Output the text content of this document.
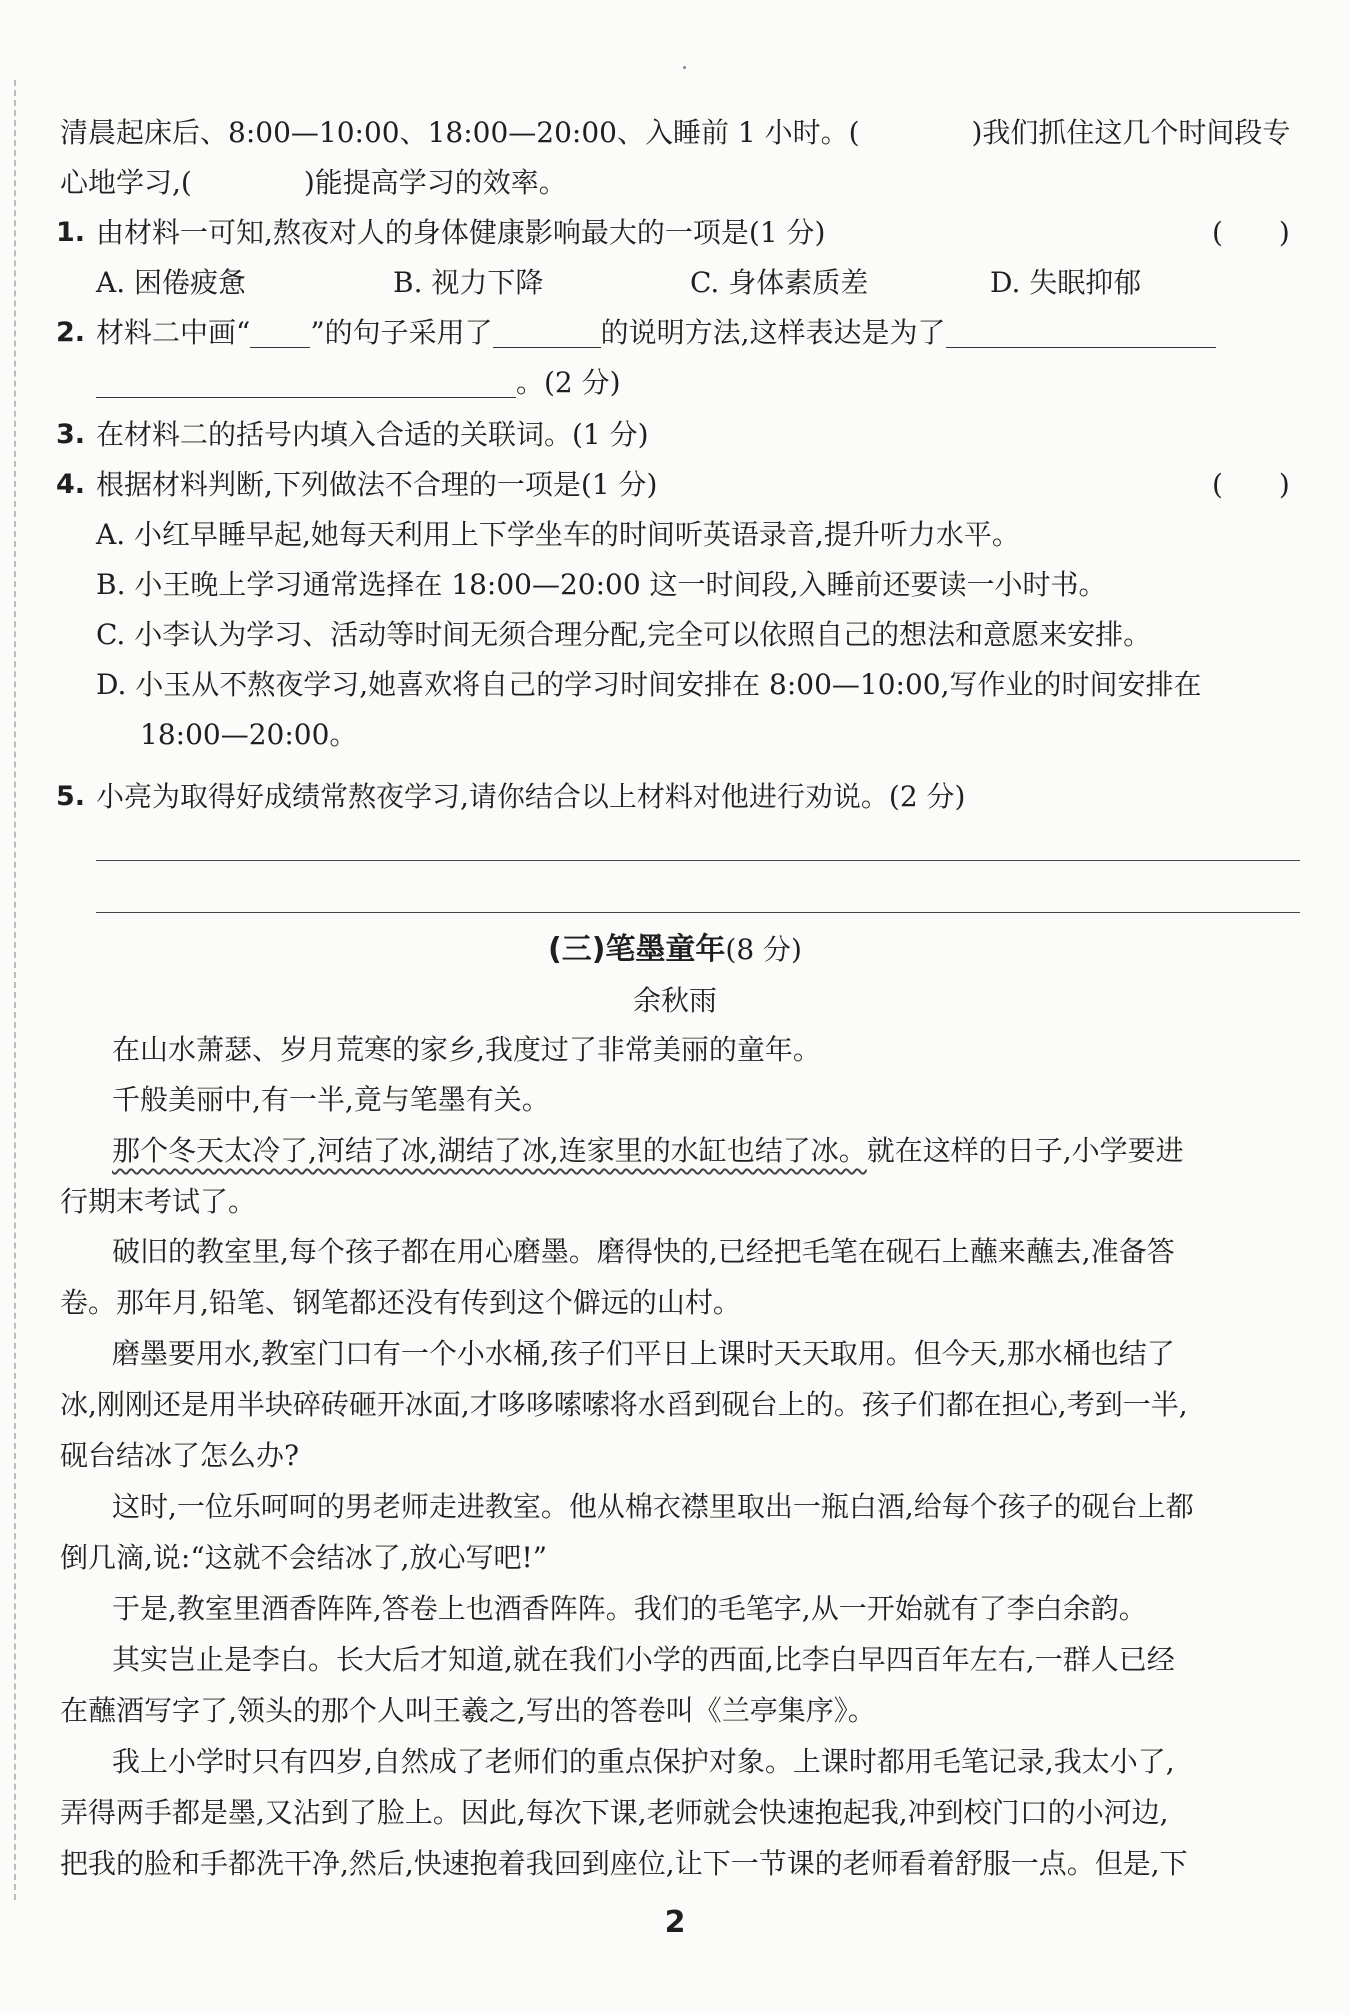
清晨起床后、8:00—10:00、18:00—20:00、入睡前 1 小时。(　　　　)我们抓住这几个时间段专
心地学习,(　　　　)能提高学习的效率。
1. 由材料一可知,熬夜对人的身体健康影响最大的一项是(1 分)	(　　)
A. 困倦疲惫	B. 视力下降	C. 身体素质差	D. 失眠抑郁
2. 材料二中画“ ”的句子采用了	的说明方法,这样表达是为了
。(2 分)
3. 在材料二的括号内填入合适的关联词。(1 分)
4. 根据材料判断,下列做法不合理的一项是(1 分)	(　　)
A. 小红早睡早起,她每天利用上下学坐车的时间听英语录音,提升听力水平。
B. 小王晚上学习通常选择在 18:00—20:00 这一时间段,入睡前还要读一小时书。
C. 小李认为学习、活动等时间无须合理分配,完全可以依照自己的想法和意愿来安排。
D. 小玉从不熬夜学习,她喜欢将自己的学习时间安排在 8:00—10:00,写作业的时间安排在
18:00—20:00。
5. 小亮为取得好成绩常熬夜学习,请你结合以上材料对他进行劝说。(2 分)
(三)笔墨童年(8 分)
余秋雨
在山水萧瑟、岁月荒寒的家乡,我度过了非常美丽的童年。
千般美丽中,有一半,竟与笔墨有关。
那个冬天太冷了,河结了冰,湖结了冰,连家里的水缸也结了冰。就在这样的日子,小学要进
行期末考试了。
破旧的教室里,每个孩子都在用心磨墨。磨得快的,已经把毛笔在砚石上蘸来蘸去,准备答
卷。那年月,铅笔、钢笔都还没有传到这个僻远的山村。
磨墨要用水,教室门口有一个小水桶,孩子们平日上课时天天取用。但今天,那水桶也结了
冰,刚刚还是用半块碎砖砸开冰面,才哆哆嗦嗦将水舀到砚台上的。孩子们都在担心,考到一半,
砚台结冰了怎么办?
这时,一位乐呵呵的男老师走进教室。他从棉衣襟里取出一瓶白酒,给每个孩子的砚台上都
倒几滴,说:“这就不会结冰了,放心写吧!”
于是,教室里酒香阵阵,答卷上也酒香阵阵。我们的毛笔字,从一开始就有了李白余韵。
其实岂止是李白。长大后才知道,就在我们小学的西面,比李白早四百年左右,一群人已经
在蘸酒写字了,领头的那个人叫王羲之,写出的答卷叫《兰亭集序》。
我上小学时只有四岁,自然成了老师们的重点保护对象。上课时都用毛笔记录,我太小了,
弄得两手都是墨,又沾到了脸上。因此,每次下课,老师就会快速抱起我,冲到校门口的小河边,
把我的脸和手都洗干净,然后,快速抱着我回到座位,让下一节课的老师看着舒服一点。但是,下
2
